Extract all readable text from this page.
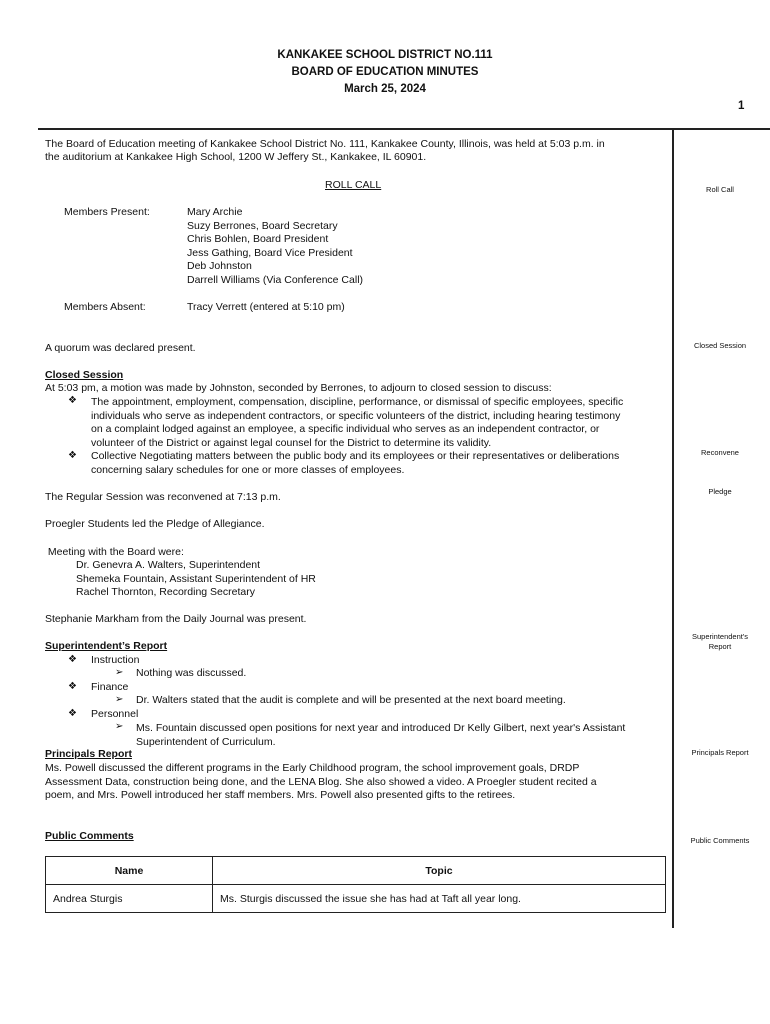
KANKAKEE SCHOOL DISTRICT NO.111
BOARD OF EDUCATION MINUTES
March 25, 2024
1
The Board of Education meeting of Kankakee School District No. 111, Kankakee County, Illinois, was held at 5:03 p.m. in
the auditorium at Kankakee High School, 1200 W Jeffery St., Kankakee, IL 60901.
ROLL CALL
Members Present:	Mary Archie
Suzy Berrones, Board Secretary
Chris Bohlen, Board President
Jess Gathing, Board Vice President
Deb Johnston
Darrell Williams (Via Conference Call)
Members Absent:	Tracy Verrett (entered at 5:10 pm)
A quorum was declared present.
Closed Session
At 5:03 pm, a motion was made by Johnston, seconded by Berrones, to adjourn to closed session to discuss:
❖	The appointment, employment, compensation, discipline, performance, or dismissal of specific employees, specific
individuals who serve as independent contractors, or specific volunteers of the district, including hearing testimony
on a complaint lodged against an employee, a specific individual who serves as an independent contractor, or
volunteer of the District or against legal counsel for the District to determine its validity.
❖	Collective Negotiating matters between the public body and its employees or their representatives or deliberations
concerning salary schedules for one or more classes of employees.
The Regular Session was reconvened at 7:13 p.m.
Proegler Students led the Pledge of Allegiance.
Meeting with the Board were:
Dr. Genevra A. Walters, Superintendent
Shemeka Fountain, Assistant Superintendent of HR
Rachel Thornton, Recording Secretary
Stephanie Markham from the Daily Journal was present.
Superintendent’s Report
❖	Instruction
➢	Nothing was discussed.
❖	Finance
➢	Dr. Walters stated that the audit is complete and will be presented at the next board meeting.
❖	Personnel
➢	Ms. Fountain discussed open positions for next year and introduced Dr Kelly Gilbert, next year's Assistant
Superintendent of Curriculum.
Principals Report
Ms. Powell discussed the different programs in the Early Childhood program, the school improvement goals, DRDP
Assessment Data, construction being done, and the LENA Blog. She also showed a video. A Proegler student recited a
poem, and Mrs. Powell introduced her staff members. Mrs. Powell also presented gifts to the retirees.
Public Comments
Name	Topic
Andrea Sturgis	Ms. Sturgis discussed the issue she has had at Taft all year long.
Roll Call
Closed Session
Reconvene
Pledge
Superintendent's
Report
Principals Report
Public Comments
